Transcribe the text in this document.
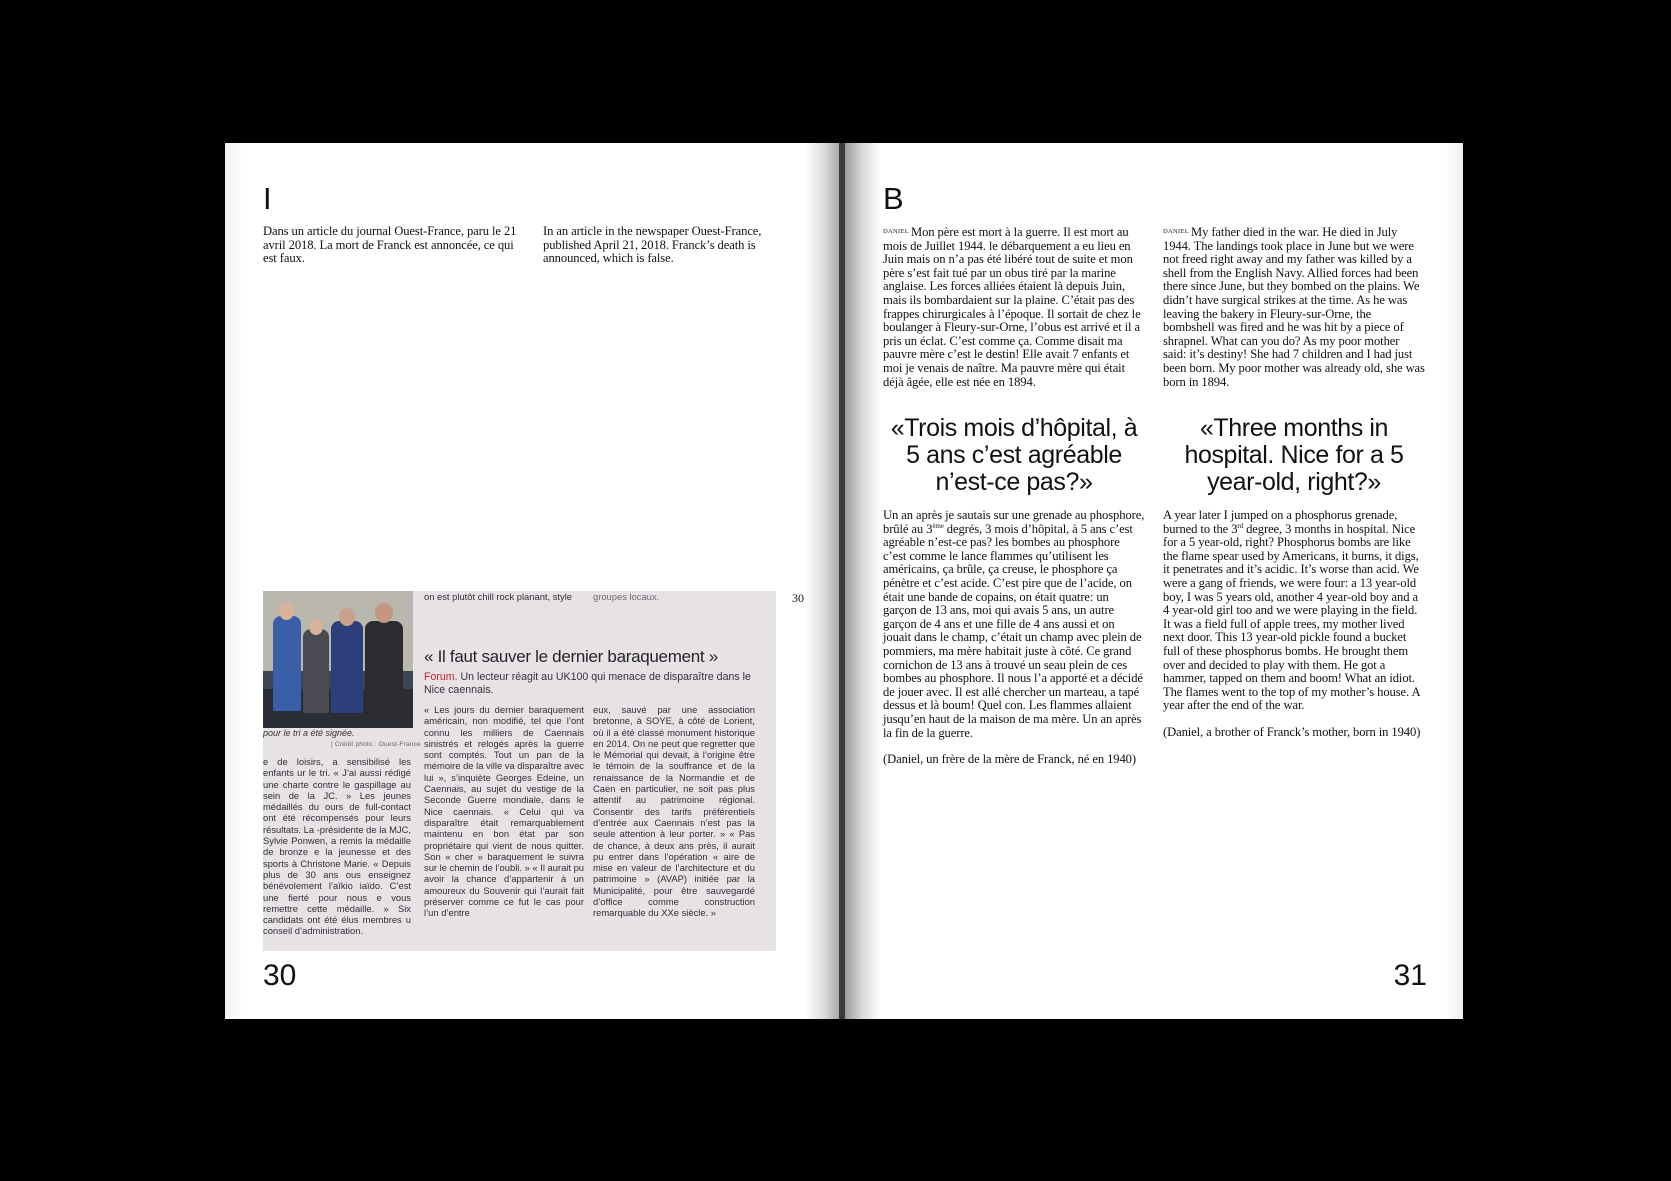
I

Dans un article du journal Ouest-France, paru le 21 avril 2018. La mort de Franck est annoncée, ce qui est faux.

In an article in the newspaper Ouest-France, published April 21, 2018. Franck’s death is announced, which is false.

pour le tri a été signée.
| Crédit photo : Ouest-France
on est plutôt chill rock planant, style groupes locaux.
« Il faut sauver le dernier baraquement »
Forum. Un lecteur réagit au UK100 qui menace de disparaître dans le Nice caennais.

e de loisirs, a sensibilisé les enfants ur le tri. « J’ai aussi rédigé une charte contre le gaspillage au sein de la JC. » Les jeunes médaillés du ours de full-contact ont été récompensés pour leurs résultats. La -présidente de la MJC, Sylvie Ponwen, a remis la médaille de bronze e la jeunesse et des sports à Christone Marie. « Depuis plus de 30 ans ous enseignez bénévolement l’aïkio iaïdo. C’est une fierté pour nous e vous remettre cette médaille. » Six candidats ont été élus membres u conseil d’administration.

« Les jours du dernier baraquement américain, non modifié, tel que l’ont connu les milliers de Caennais sinistrés et relogés après la guerre sont comptés. Tout un pan de la mémoire de la ville va disparaître avec lui », s’inquiète Georges Edeine, un Caennais, au sujet du vestige de la Seconde Guerre mondiale, dans le Nice caennais. « Celui qui va disparaître était remarquablement maintenu en bon état par son propriétaire qui vient de nous quitter. Son « cher » baraquement le suivra sur le chemin de l’oubli. » « Il aurait pu avoir la chance d’appartenir à un amoureux du Souvenir qui l’aurait fait préserver comme ce fut le cas pour l’un d’entre

eux, sauvé par une association bretonne, à SOYE, à côté de Lorient, où il a été classé monument historique en 2014. On ne peut que regretter que le Mémorial qui devait, à l’origine être le témoin de la souffrance et de la renaissance de la Normandie et de Caen en particulier, ne soit pas plus attentif au patrimoine régional. Consentir des tarifs préférentiels d’entrée aux Caennais n’est pas la seule attention à leur porter. » « Pas de chance, à deux ans près, il aurait pu entrer dans l’opération « aire de mise en valeur de l’architecture et du patrimoine » (AVAP) initiée par la Municipalité, pour être sauvegardé d’office comme construction remarquable du XXe siècle. »

30
30
B

$^{DANIEL}$ Mon père est mort à la guerre. Il est mort au mois de Juillet 1944. le débarquement a eu lieu en Juin mais on n’a pas été libéré tout de suite et mon père s’est fait tué par un obus tiré par la marine anglaise. Les forces alliées étaient là depuis Juin, mais ils bombardaient sur la plaine. C’était pas des frappes chirurgicales à l’époque. Il sortait de chez le boulanger à Fleury-sur-Orne, l’obus est arrivé et il a pris un éclat. C’est comme ça. Comme disait ma pauvre mère c’est le destin! Elle avait 7 enfants et moi je venais de naître. Ma pauvre mère qui était déjà âgée, elle est née en 1894.

$^{DANIEL}$ My father died in the war. He died in July 1944. The landings took place in June but we were not freed right away and my father was killed by a shell from the English Navy. Allied forces had been there since June, but they bombed on the plains. We didn’t have surgical strikes at the time. As he was leaving the bakery in Fleury-sur-Orne, the bombshell was fired and he was hit by a piece of shrapnel. What can you do? As my poor mother said: it’s destiny! She had 7 children and I had just been born. My poor mother was already old, she was born in 1894.

«Trois mois d’hôpital, à 5 ans c’est agréable n’est-ce pas?»
«Three months in hospital. Nice for a 5 year-old, right?»

Un an après je sautais sur une grenade au phosphore, brûlé au 3ème degrés, 3 mois d’hôpital, à 5 ans c’est agréable n’est-ce pas? les bombes au phosphore c’est comme le lance flammes qu’utilisent les américains, ça brûle, ça creuse, le phosphore ça pénètre et c’est acide. C’est pire que de l’acide, on était une bande de copains, on était quatre: un garçon de 13 ans, moi qui avais 5 ans, un autre garçon de 4 ans et une fille de 4 ans aussi et on jouait dans le champ, c’était un champ avec plein de pommiers, ma mère habitait juste à côté. Ce grand cornichon de 13 ans à trouvé un seau plein de ces bombes au phosphore. Il nous l’a apporté et a décidé de jouer avec. Il est allé chercher un marteau, a tapé dessus et là boum! Quel con. Les flammes allaient jusqu’en haut de la maison de ma mère. Un an après la fin de la guerre.

(Daniel, un frère de la mère de Franck, né en 1940)

A year later I jumped on a phosphorus grenade, burned to the 3rd degree, 3 months in hospital. Nice for a 5 year-old, right? Phosphorus bombs are like the flame spear used by Americans, it burns, it digs, it penetrates and it’s acidic. It’s worse than acid. We were a gang of friends, we were four: a 13 year-old boy, I was 5 years old, another 4 year-old boy and a 4 year-old girl too and we were playing in the field. It was a field full of apple trees, my mother lived next door. This 13 year-old pickle found a bucket full of these phosphorus bombs. He brought them over and decided to play with them. He got a hammer, tapped on them and boom! What an idiot. The flames went to the top of my mother’s house. A year after the end of the war.

(Daniel, a brother of Franck’s mother, born in 1940)

31
